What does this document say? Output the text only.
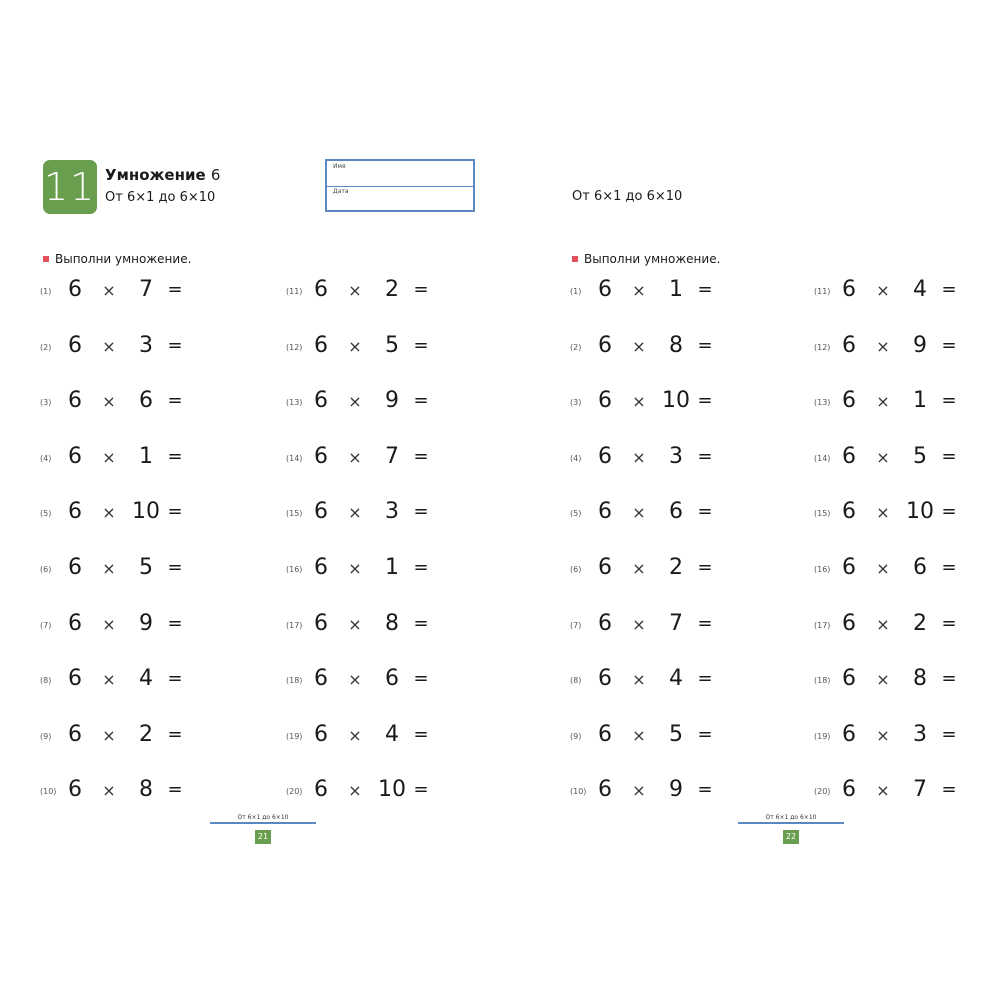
11 Умножение 6
От 6×1 до 6×10
Имя
Дата	От 6×1 до 6×10
Выполни умножение.	Выполни умножение.
(1) 6 ×	7 =
(2) 6 ×	3 =
(3) 6 ×	6 =
(4) 6 ×	1 =
(5) 6 × 10 =
(6) 6 ×	5 =
(7) 6 ×	9 =
(8) 6 ×	4 =
(9) 6 ×	2 =
(10) 6 ×	8 =
(11) 6 ×	2 =
(12) 6 ×	5 =
(13) 6 ×	9 =
(14) 6 ×	7 =
(15) 6 ×	3 =
(16) 6 ×	1 =
(17) 6 ×	8 =
(18) 6 ×	6 =
(19) 6 ×	4 =
(20) 6 × 10 =
(1) 6 ×	1 =
(2) 6 ×	8 =
(3) 6 × 10 =
(4) 6 ×	3 =
(5) 6 ×	6 =
(6) 6 ×	2 =
(7) 6 ×	7 =
(8) 6 ×	4 =
(9) 6 ×	5 =
(10) 6 ×	9 =
(11) 6 ×	4 =
(12) 6 ×	9 =
(13) 6 ×	1 =
(14) 6 ×	5 =
(15) 6 × 10 =
(16) 6 ×	6 =
(17) 6 ×	2 =
(18) 6 ×	8 =
(19) 6 ×	3 =
(20) 6 ×	7 =
От 6×1 до 6×10
21
От 6×1 до 6×10
22
